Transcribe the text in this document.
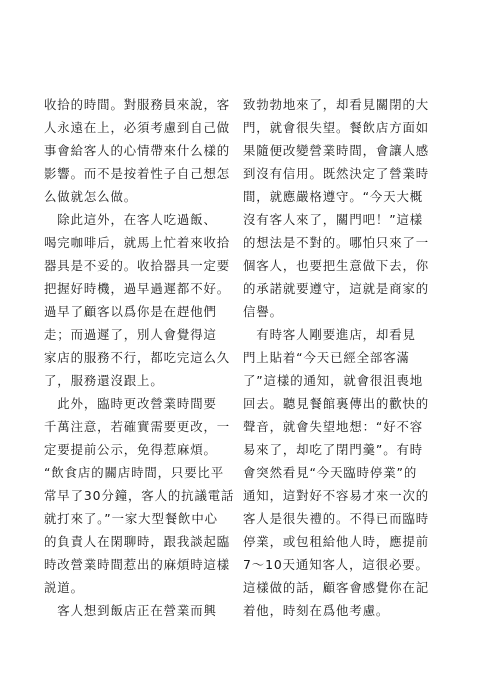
收拾的時間。對服務員來說，客
人永遠在上，必須考慮到自己做
事會給客人的心情帶來什么樣的
影響。而不是按着性子自己想怎
么做就怎么做。
　除此這外，在客人吃過飯、
喝完咖啡后，就馬上忙着來收拾
器具是不妥的。收拾器具一定要
把握好時機，過早過遲都不好。
過早了顧客以爲你是在趕他們
走；而過遲了，別人會覺得這
家店的服務不行，都吃完這么久
了，服務還沒跟上。
　此外，臨時更改營業時間要
千萬注意，若確實需要更改，一
定要提前公示，免得惹麻煩。
“飲食店的關店時間，只要比平
常早了30分鐘，客人的抗議電話
就打來了。”一家大型餐飲中心
的負責人在閑聊時，跟我談起臨
時改營業時間惹出的麻煩時這樣
説道。
　客人想到飯店正在營業而興
致勃勃地來了，却看見關閉的大
門，就會很失望。餐飲店方面如
果隨便改變營業時間，會讓人感
到沒有信用。既然決定了營業時
間，就應嚴格遵守。“今天大概
沒有客人來了，關門吧！”這樣
的想法是不對的。哪怕只來了一
個客人，也要把生意做下去，你
的承諾就要遵守，這就是商家的
信譽。
　有時客人剛要進店，却看見
門上貼着“今天已經全部客滿
了”這樣的通知，就會很沮喪地
回去。聽見餐館裏傳出的歡快的
聲音，就會失望地想：“好不容
易來了，却吃了閉門羹”。有時
會突然看見“今天臨時停業”的
通知，這對好不容易才來一次的
客人是很失禮的。不得已而臨時
停業，或包租給他人時，應提前
7～10天通知客人，這很必要。
這樣做的話，顧客會感覺你在記
着他，時刻在爲他考慮。
